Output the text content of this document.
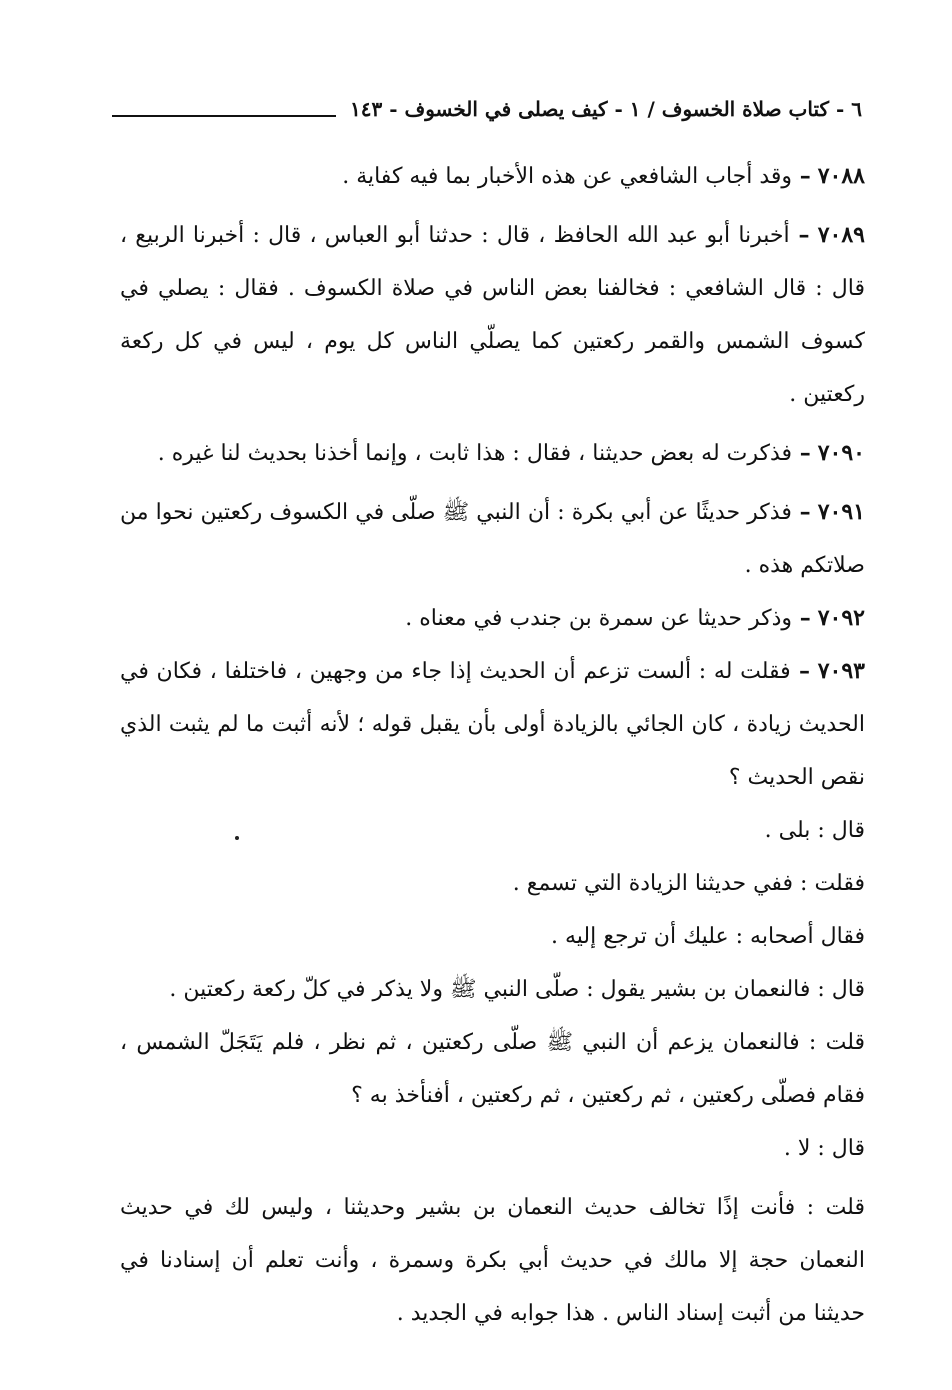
٦ - كتاب صلاة الخسوف / ١ - كيف يصلى في الخسوف - ١٤٣

٧٠٨٨ – وقد أجاب الشافعي عن هذه الأخبار بما فيه كفاية .

٧٠٨٩ – أخبرنا أبو عبد الله الحافظ ، قال : حدثنا أبو العباس ، قال : أخبرنا الربيع ، قال : قال الشافعي : فخالفنا بعض الناس في صلاة الكسوف . فقال : يصلي في كسوف الشمس والقمر ركعتين كما يصلّي الناس كل يوم ، ليس في كل ركعة ركعتين .

٧٠٩٠ – فذكرت له بعض حديثنا ، فقال : هذا ثابت ، وإنما أخذنا بحديث لنا غيره .

٧٠٩١ – فذكر حديثًا عن أبي بكرة : أن النبي ﷺ صلّى في الكسوف ركعتين نحوا من صلاتكم هذه .

٧٠٩٢ – وذكر حديثا عن سمرة بن جندب في معناه .

٧٠٩٣ – فقلت له : ألست تزعم أن الحديث إذا جاء من وجهين ، فاختلفا ، فكان في الحديث زيادة ، كان الجائي بالزيادة أولى بأن يقبل قوله ؛ لأنه أثبت ما لم يثبت الذي نقص الحديث ؟

قال : بلى .

فقلت : ففي حديثنا الزيادة التي تسمع .

فقال أصحابه : عليك أن ترجع إليه .

قال : فالنعمان بن بشير يقول : صلّى النبي ﷺ ولا يذكر في كلّ ركعة ركعتين .

قلت : فالنعمان يزعم أن النبي ﷺ صلّى ركعتين ، ثم نظر ، فلم يَتَجَلّ الشمس ، فقام فصلّى ركعتين ، ثم ركعتين ، ثم ركعتين ، أفنأخذ به ؟

قال : لا .

قلت : فأنت إذًا تخالف حديث النعمان بن بشير وحديثنا ، وليس لك في حديث النعمان حجة إلا مالك في حديث أبي بكرة وسمرة ، وأنت تعلم أن إسنادنا في حديثنا من أثبت إسناد الناس . هذا جوابه في الجديد .
